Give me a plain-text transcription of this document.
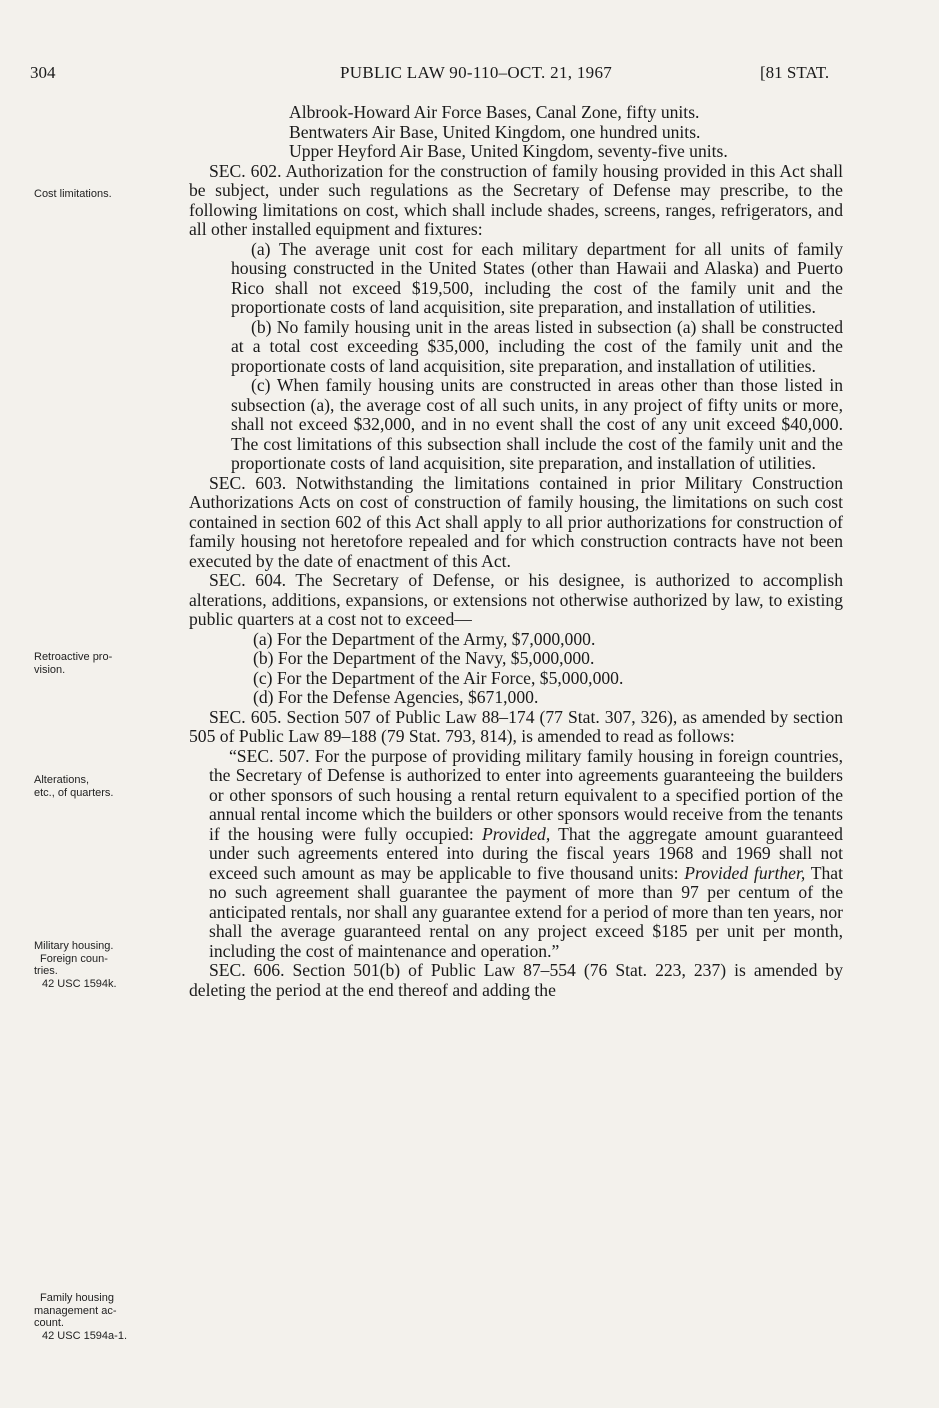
304	PUBLIC LAW 90-110–OCT. 21, 1967	[81 STAT.
Cost limitations.
Retroactive pro-
vision.
Alterations,
etc., of quarters.
Military housing.
Foreign coun-
tries.
42 USC 1594k.
Family housing
management ac-
count.
42 USC 1594a-1.

Albrook-Howard Air Force Bases, Canal Zone, fifty units.

Bentwaters Air Base, United Kingdom, one hundred units.

Upper Heyford Air Base, United Kingdom, seventy-five units.

SEC. 602. Authorization for the construction of family housing provided in this Act shall be subject, under such regulations as the Secretary of Defense may prescribe, to the following limitations on cost, which shall include shades, screens, ranges, refrigerators, and all other installed equipment and fixtures:

(a) The average unit cost for each military department for all units of family housing constructed in the United States (other than Hawaii and Alaska) and Puerto Rico shall not exceed $19,500, including the cost of the family unit and the proportionate costs of land acquisition, site preparation, and installation of utilities.

(b) No family housing unit in the areas listed in subsection (a) shall be constructed at a total cost exceeding $35,000, including the cost of the family unit and the proportionate costs of land acquisition, site preparation, and installation of utilities.

(c) When family housing units are constructed in areas other than those listed in subsection (a), the average cost of all such units, in any project of fifty units or more, shall not exceed $32,000, and in no event shall the cost of any unit exceed $40,000. The cost limitations of this subsection shall include the cost of the family unit and the proportionate costs of land acquisition, site preparation, and installation of utilities.

SEC. 603. Notwithstanding the limitations contained in prior Military Construction Authorizations Acts on cost of construction of family housing, the limitations on such cost contained in section 602 of this Act shall apply to all prior authorizations for construction of family housing not heretofore repealed and for which construction contracts have not been executed by the date of enactment of this Act.

SEC. 604. The Secretary of Defense, or his designee, is authorized to accomplish alterations, additions, expansions, or extensions not otherwise authorized by law, to existing public quarters at a cost not to exceed—

(a) For the Department of the Army, $7,000,000.

(b) For the Department of the Navy, $5,000,000.

(c) For the Department of the Air Force, $5,000,000.

(d) For the Defense Agencies, $671,000.

SEC. 605. Section 507 of Public Law 88–174 (77 Stat. 307, 326), as amended by section 505 of Public Law 89–188 (79 Stat. 793, 814), is amended to read as follows:

“SEC. 507. For the purpose of providing military family housing in foreign countries, the Secretary of Defense is authorized to enter into agreements guaranteeing the builders or other sponsors of such housing a rental return equivalent to a specified portion of the annual rental income which the builders or other sponsors would receive from the tenants if the housing were fully occupied: Provided, That the aggregate amount guaranteed under such agreements entered into during the fiscal years 1968 and 1969 shall not exceed such amount as may be applicable to five thousand units: Provided further, That no such agreement shall guarantee the payment of more than 97 per centum of the anticipated rentals, nor shall any guarantee extend for a period of more than ten years, nor shall the average guaranteed rental on any project exceed $185 per unit per month, including the cost of maintenance and operation.”

SEC. 606. Section 501(b) of Public Law 87–554 (76 Stat. 223, 237) is amended by deleting the period at the end thereof and adding the
